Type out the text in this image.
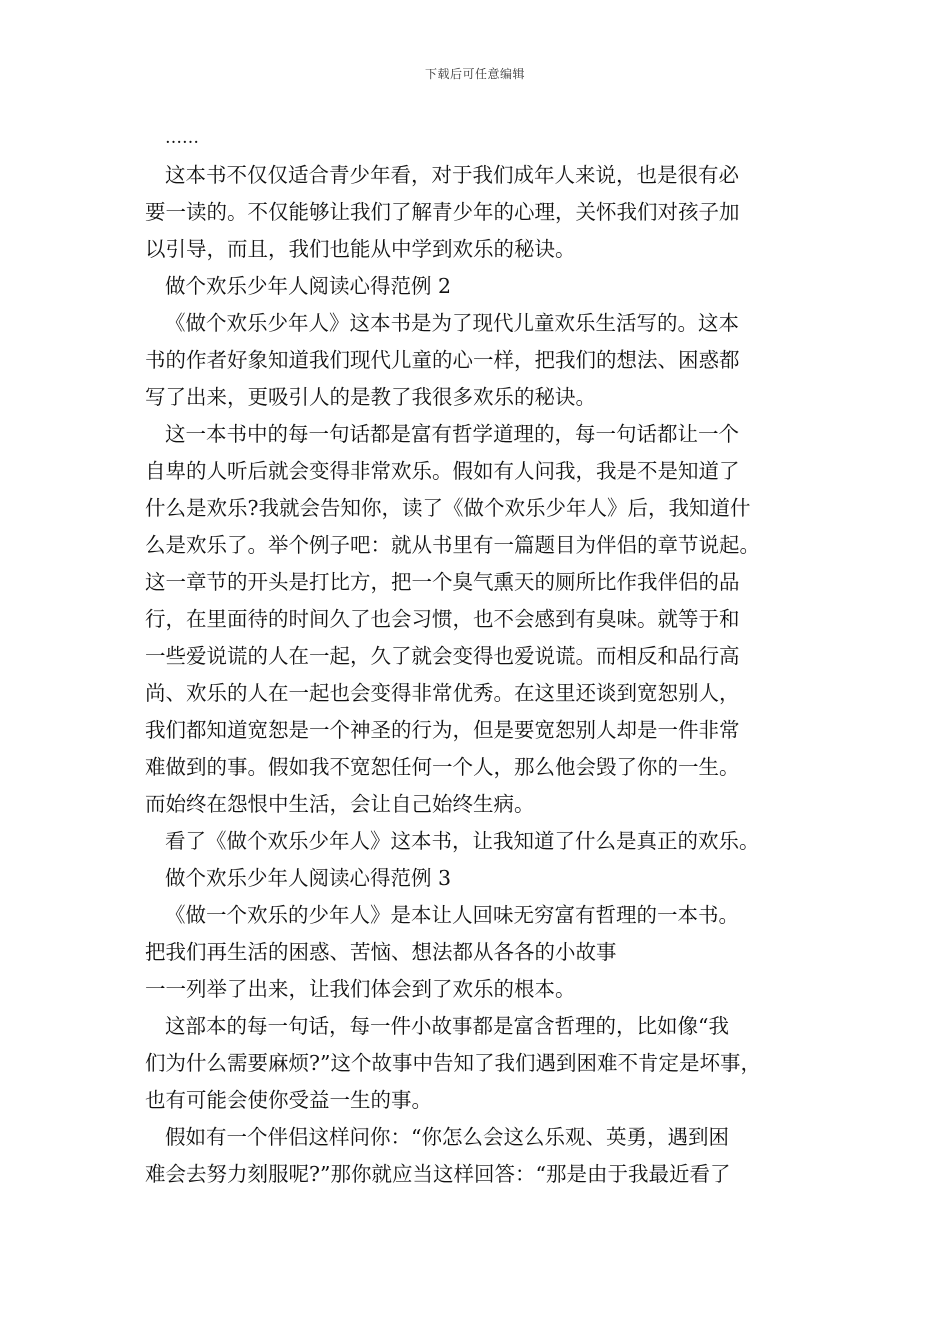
下载后可任意编辑
……
这本书不仅仅适合青少年看，对于我们成年人来说，也是很有必
要一读的。不仅能够让我们了解青少年的心理，关怀我们对孩子加
以引导，而且，我们也能从中学到欢乐的秘诀。
做个欢乐少年人阅读心得范例 2
《做个欢乐少年人》这本书是为了现代儿童欢乐生活写的。这本
书的作者好象知道我们现代儿童的心一样，把我们的想法、困惑都
写了出来，更吸引人的是教了我很多欢乐的秘诀。
这一本书中的每一句话都是富有哲学道理的，每一句话都让一个
自卑的人听后就会变得非常欢乐。假如有人问我，我是不是知道了
什么是欢乐?我就会告知你，读了《做个欢乐少年人》后，我知道什
么是欢乐了。举个例子吧：就从书里有一篇题目为伴侣的章节说起。
这一章节的开头是打比方，把一个臭气熏天的厕所比作我伴侣的品
行，在里面待的时间久了也会习惯，也不会感到有臭味。就等于和
一些爱说谎的人在一起，久了就会变得也爱说谎。而相反和品行高
尚、欢乐的人在一起也会变得非常优秀。在这里还谈到宽恕别人，
我们都知道宽恕是一个神圣的行为，但是要宽恕别人却是一件非常
难做到的事。假如我不宽恕任何一个人，那么他会毁了你的一生。
而始终在怨恨中生活，会让自己始终生病。
看了《做个欢乐少年人》这本书，让我知道了什么是真正的欢乐。
做个欢乐少年人阅读心得范例 3
《做一个欢乐的少年人》是本让人回味无穷富有哲理的一本书。
把我们再生活的困惑、苦恼、想法都从各各的小故事
一一列举了出来，让我们体会到了欢乐的根本。
这部本的每一句话，每一件小故事都是富含哲理的，比如像“我
们为什么需要麻烦?”这个故事中告知了我们遇到困难不肯定是坏事，
也有可能会使你受益一生的事。
假如有一个伴侣这样问你：“你怎么会这么乐观、英勇，遇到困
难会去努力刻服呢?”那你就应当这样回答：“那是由于我最近看了
